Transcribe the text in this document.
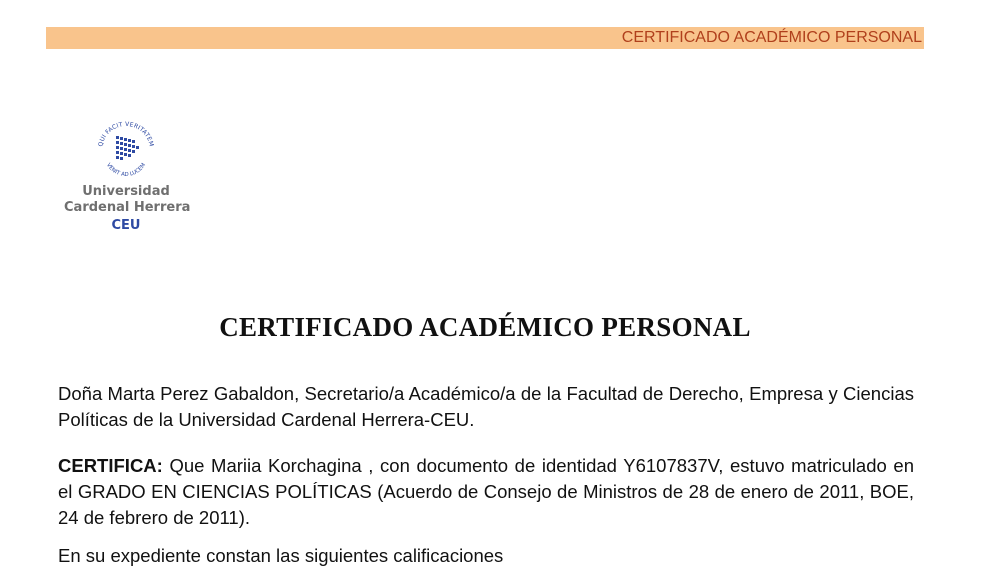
CERTIFICADO ACADÉMICO PERSONAL
QUI FACIT VERITATEM
VENIT AD LUCEM
Universidad
Cardenal Herrera
CEU
CERTIFICADO ACADÉMICO PERSONAL
Doña Marta Perez Gabaldon, Secretario/a Académico/a de la Facultad de Derecho, Empresa y Ciencias Políticas de la Universidad Cardenal Herrera-CEU.
CERTIFICA: Que Mariia Korchagina , con documento de identidad Y6107837V, estuvo matriculado en el GRADO EN CIENCIAS POLÍTICAS (Acuerdo de Consejo de Ministros de 28 de enero de 2011, BOE, 24 de febrero de 2011).
En su expediente constan las siguientes calificaciones
